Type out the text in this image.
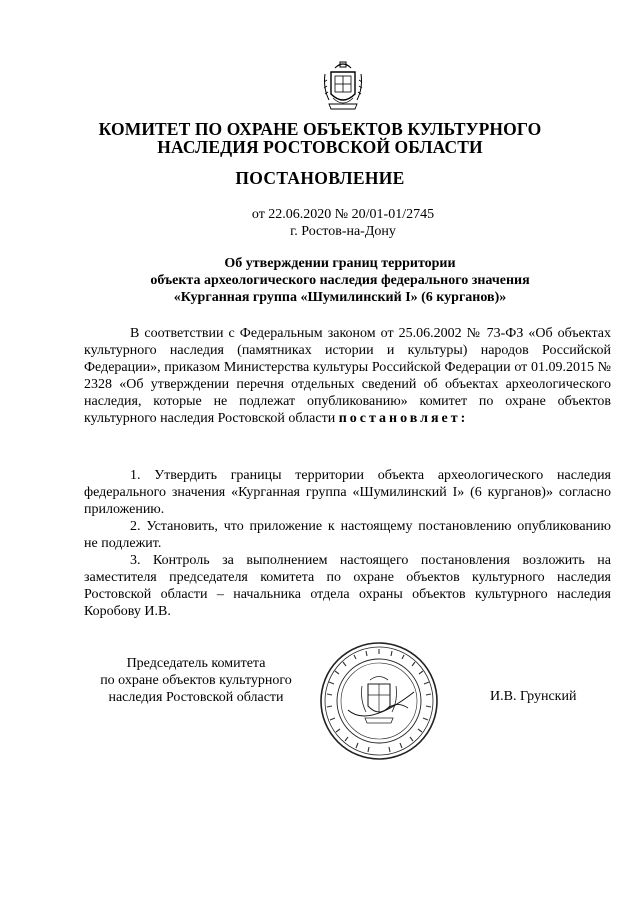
КОМИТЕТ ПО ОХРАНЕ ОБЪЕКТОВ КУЛЬТУРНОГО
НАСЛЕДИЯ РОСТОВСКОЙ ОБЛАСТИ
ПОСТАНОВЛЕНИЕ
от 22.06.2020 № 20/01-01/2745
г. Ростов-на-Дону
Об утверждении границ территории
объекта археологического наследия федерального значения
«Курганная группа «Шумилинский I» (6 курганов)»
В соответствии с Федеральным законом от 25.06.2002 № 73-ФЗ «Об объектах культурного наследия (памятниках истории и культуры) народов Российской Федерации», приказом Министерства культуры Российской Федерации от 01.09.2015 № 2328 «Об утверждении перечня отдельных сведений об объектах археологического наследия, которые не подлежат опубликованию» комитет по охране объектов культурного наследия Ростовской области постановляет:
1. Утвердить границы территории объекта археологического наследия федерального значения «Курганная группа «Шумилинский I» (6 курганов)» согласно приложению.
2. Установить, что приложение к настоящему постановлению опубликованию не подлежит.
3. Контроль за выполнением настоящего постановления возложить на заместителя председателя комитета по охране объектов культурного наследия Ростовской области – начальника отдела охраны объектов культурного наследия Коробову И.В.
Председатель комитета
по охране объектов культурного
наследия Ростовской области	И.В. Грунский
